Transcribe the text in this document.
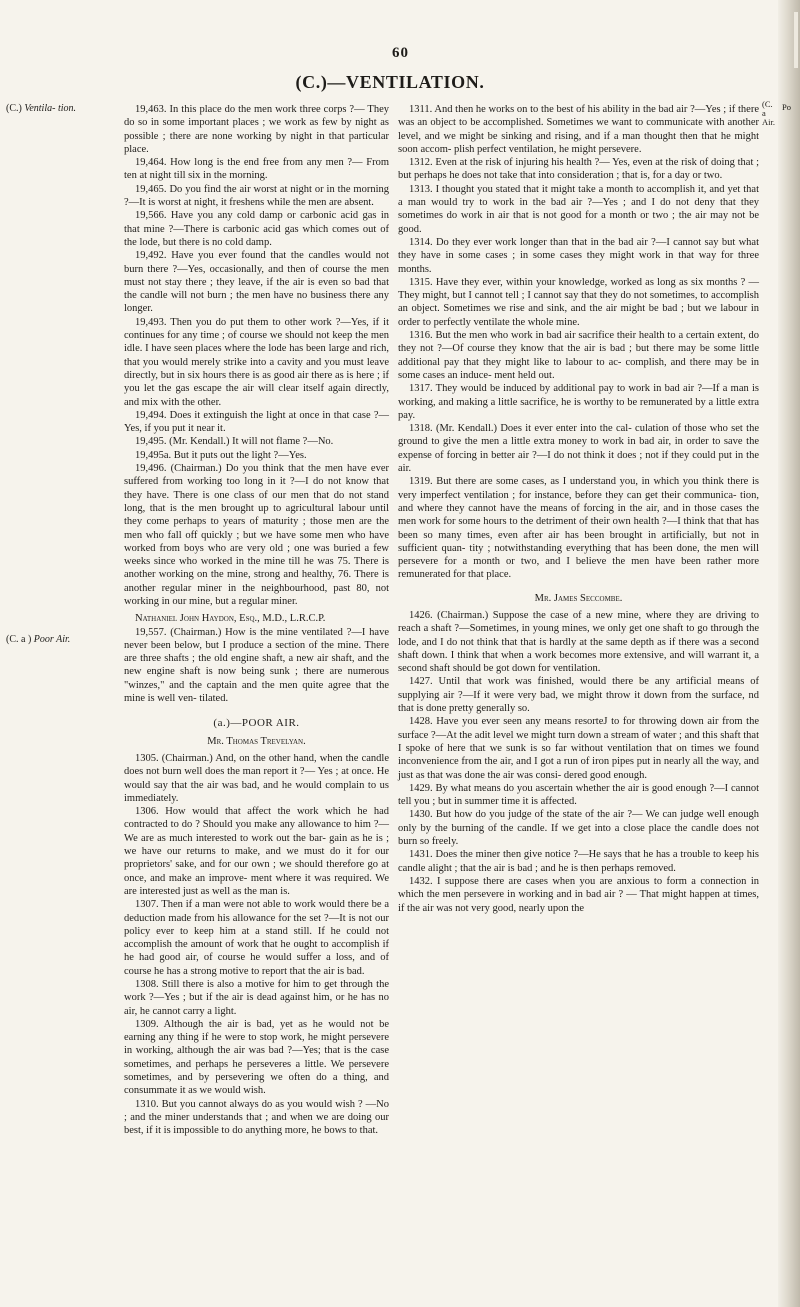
60
(C.)—VENTILATION.
(C.) Ventila- tion.
(C. a ) Poor Air.
(C. a
Air.
Po

19,463. In this place do the men work three corps ?— They do so in some important places ; we work as few by night as possible ; there are none working by night in that particular place.

19,464. How long is the end free from any men ?— From ten at night till six in the morning.

19,465. Do you find the air worst at night or in the morning ?—It is worst at night, it freshens while the men are absent.

19,566. Have you any cold damp or carbonic acid gas in that mine ?—There is carbonic acid gas which comes out of the lode, but there is no cold damp.

19,492. Have you ever found that the candles would not burn there ?—Yes, occasionally, and then of course the men must not stay there ; they leave, if the air is even so bad that the candle will not burn ; the men have no business there any longer.

19,493. Then you do put them to other work ?—Yes, if it continues for any time ; of course we should not keep the men idle. I have seen places where the lode has been large and rich, that you would merely strike into a cavity and you must leave directly, but in six hours there is as good air there as is here ; if you let the gas escape the air will clear itself again directly, and mix with the other.

19,494. Does it extinguish the light at once in that case ?—Yes, if you put it near it.

19,495. (Mr. Kendall.) It will not flame ?—No.

19,495a. But it puts out the light ?—Yes.

19,496. (Chairman.) Do you think that the men have ever suffered from working too long in it ?—I do not know that they have. There is one class of our men that do not stand long, that is the men brought up to agricultural labour until they come perhaps to years of maturity ; those men are the men who fall off quickly ; but we have some men who have worked from boys who are very old ; one was buried a few weeks since who worked in the mine till he was 75. There is another working on the mine, strong and healthy, 76. There is another regular miner in the neighbourhood, past 80, not working in our mine, but a regular miner.

Nathaniel John Haydon, Esq., M.D., L.R.C.P.

19,557. (Chairman.) How is the mine ventilated ?—I have never been below, but I produce a section of the mine. There are three shafts ; the old engine shaft, a new air shaft, and the new engine shaft is now being sunk ; there are numerous "winzes," and the captain and the men quite agree that the mine is well ven- tilated.

(a.)—POOR AIR.

Mr. Thomas Trevelyan.

1305. (Chairman.) And, on the other hand, when the candle does not burn well does the man report it ?— Yes ; at once. He would say that the air was bad, and he would complain to us immediately.

1306. How would that affect the work which he had contracted to do ? Should you make any allowance to him ?—We are as much interested to work out the bar- gain as he is ; we have our returns to make, and we must do it for our proprietors' sake, and for our own ; we should therefore go at once, and make an improve- ment where it was required. We are interested just as well as the man is.

1307. Then if a man were not able to work would there be a deduction made from his allowance for the set ?—It is not our policy ever to keep him at a stand still. If he could not accomplish the amount of work that he ought to accomplish if he had good air, of course he would suffer a loss, and of course he has a strong motive to report that the air is bad.

1308. Still there is also a motive for him to get through the work ?—Yes ; but if the air is dead against him, or he has no air, he cannot carry a light.

1309. Although the air is bad, yet as he would not be earning any thing if he were to stop work, he might persevere in working, although the air was bad ?—Yes; that is the case sometimes, and perhaps he perseveres a little. We persevere sometimes, and by persevering we often do a thing, and consummate it as we would wish.

1310. But you cannot always do as you would wish ? —No ; and the miner understands that ; and when we are doing our best, if it is impossible to do anything more, he bows to that.

1311. And then he works on to the best of his ability in the bad air ?—Yes ; if there was an object to be accomplished. Sometimes we want to communicate with another level, and we might be sinking and rising, and if a man thought then that he might soon accom- plish perfect ventilation, he might persevere.

1312. Even at the risk of injuring his health ?— Yes, even at the risk of doing that ; but perhaps he does not take that into consideration ; that is, for a day or two.

1313. I thought you stated that it might take a month to accomplish it, and yet that a man would try to work in the bad air ?—Yes ; and I do not deny that they sometimes do work in air that is not good for a month or two ; the air may not be good.

1314. Do they ever work longer than that in the bad air ?—I cannot say but what they have in some cases ; in some cases they might work in that way for three months.

1315. Have they ever, within your knowledge, worked as long as six months ? — They might, but I cannot tell ; I cannot say that they do not sometimes, to accomplish an object. Sometimes we rise and sink, and the air might be bad ; but we labour in order to perfectly ventilate the whole mine.

1316. But the men who work in bad air sacrifice their health to a certain extent, do they not ?—Of course they know that the air is bad ; but there may be some little additional pay that they might like to labour to ac- complish, and there may be in some cases an induce- ment held out.

1317. They would be induced by additional pay to work in bad air ?—If a man is working, and making a little sacrifice, he is worthy to be remunerated by a little extra pay.

1318. (Mr. Kendall.) Does it ever enter into the cal- culation of those who set the ground to give the men a little extra money to work in bad air, in order to save the expense of forcing in better air ?—I do not think it does ; not if they could put in the air.

1319. But there are some cases, as I understand you, in which you think there is very imperfect ventilation ; for instance, before they can get their communica- tion, and where they cannot have the means of forcing in the air, and in those cases the men work for some hours to the detriment of their own health ?—I think that that has been so many times, even after air has been brought in artificially, but not in sufficient quan- tity ; notwithstanding everything that has been done, the men will persevere for a month or two, and I believe the men have been rather more remunerated for that place.

Mr. James Seccombe.

1426. (Chairman.) Suppose the case of a new mine, where they are driving to reach a shaft ?—Sometimes, in young mines, we only get one shaft to go through the lode, and I do not think that that is hardly at the same depth as if there was a second shaft down. I think that when a work becomes more extensive, and will warrant it, a second shaft should be got down for ventilation.

1427. Until that work was finished, would there be any artificial means of supplying air ?—If it were very bad, we might throw it down from the surface, nd that is done pretty generally so.

1428. Have you ever seen any means resorteJ to for throwing down air from the surface ?—At the adit level we might turn down a stream of water ; and this shaft that I spoke of here that we sunk is so far without ventilation that on times we found inconvenience from the air, and I got a run of iron pipes put in nearly all the way, and just as that was done the air was consi- dered good enough.

1429. By what means do you ascertain whether the air is good enough ?—I cannot tell you ; but in summer time it is affected.

1430. But how do you judge of the state of the air ?— We can judge well enough only by the burning of the candle. If we get into a close place the candle does not burn so freely.

1431. Does the miner then give notice ?—He says that he has a trouble to keep his candle alight ; that the air is bad ; and he is then perhaps removed.

1432. I suppose there are cases when you are anxious to form a connection in which the men persevere in working and in bad air ? — That might happen at times, if the air was not very good, nearly upon the
